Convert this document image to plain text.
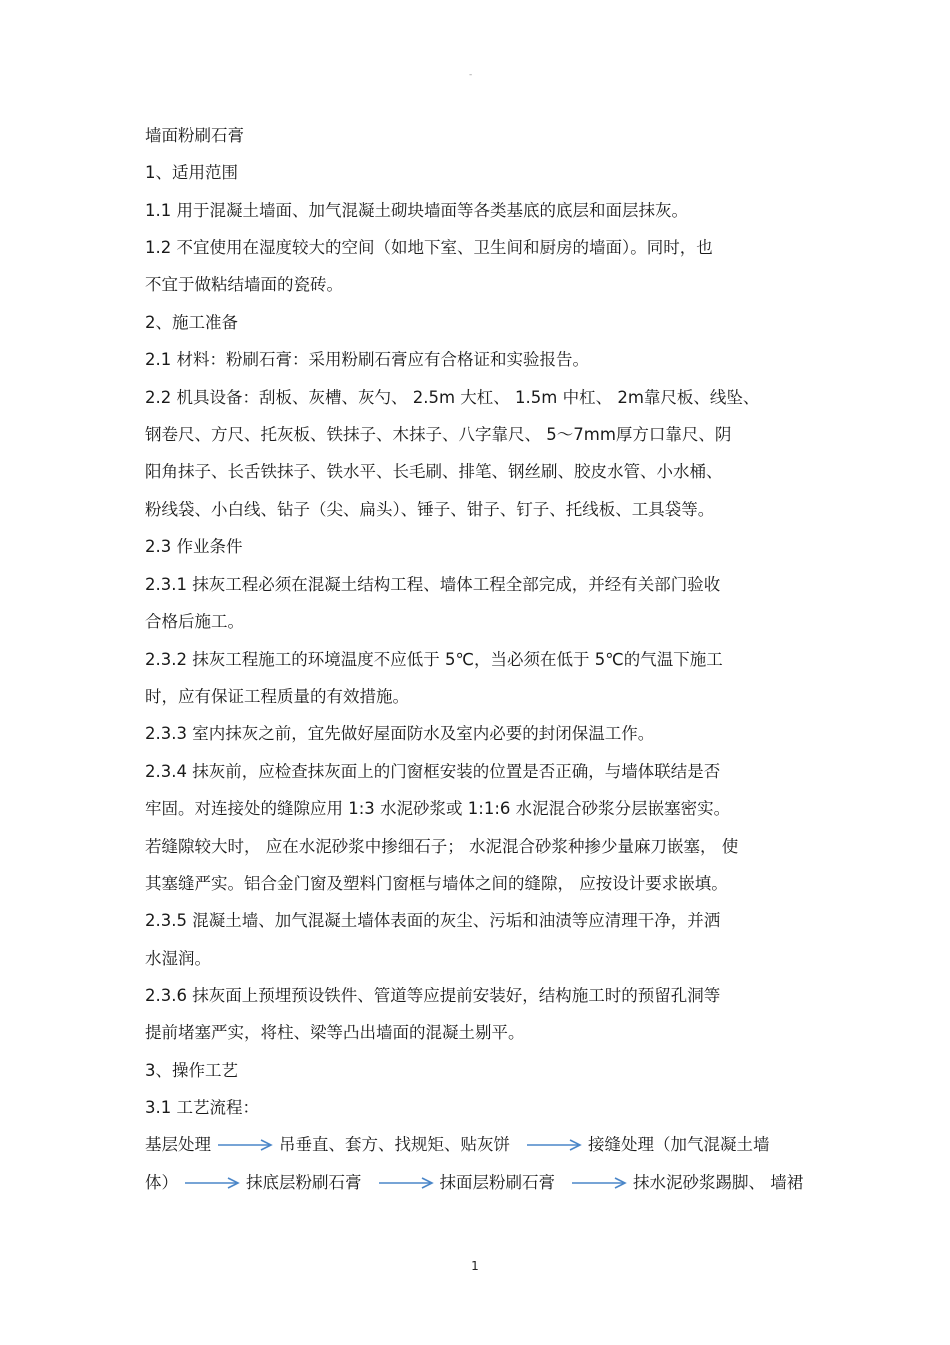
-
墙面粉刷石膏
1、适用范围
1.1 用于混凝土墙面、加气混凝土砌块墙面等各类基底的底层和面层抹灰。
1.2 不宜使用在湿度较大的空间（如地下室、卫生间和厨房的墙面）。同时，也
不宜于做粘结墙面的瓷砖。
2、施工准备
2.1 材料：粉刷石膏：采用粉刷石膏应有合格证和实验报告。
2.2 机具设备：刮板、灰槽、灰勺、 2.5m 大杠、 1.5m 中杠、 2m靠尺板、线坠、
钢卷尺、方尺、托灰板、铁抹子、木抹子、八字靠尺、 5～7mm厚方口靠尺、阴
阳角抹子、长舌铁抹子、铁水平、长毛刷、排笔、钢丝刷、胶皮水管、小水桶、
粉线袋、小白线、钻子（尖、扁头）、锤子、钳子、钉子、托线板、工具袋等。
2.3 作业条件
2.3.1 抹灰工程必须在混凝土结构工程、墙体工程全部完成，并经有关部门验收
合格后施工。
2.3.2 抹灰工程施工的环境温度不应低于 5℃，当必须在低于 5℃的气温下施工
时，应有保证工程质量的有效措施。
2.3.3 室内抹灰之前，宜先做好屋面防水及室内必要的封闭保温工作。
2.3.4 抹灰前，应检查抹灰面上的门窗框安装的位置是否正确，与墙体联结是否
牢固。对连接处的缝隙应用 1:3 水泥砂浆或 1:1:6 水泥混合砂浆分层嵌塞密实。
若缝隙较大时， 应在水泥砂浆中掺细石子； 水泥混合砂浆种掺少量麻刀嵌塞， 使
其塞缝严实。铝合金门窗及塑料门窗框与墙体之间的缝隙， 应按设计要求嵌填。
2.3.5 混凝土墙、加气混凝土墙体表面的灰尘、污垢和油渍等应清理干净，并洒
水湿润。
2.3.6 抹灰面上预埋预设铁件、管道等应提前安装好，结构施工时的预留孔洞等
提前堵塞严实，将柱、梁等凸出墙面的混凝土剔平。
3、操作工艺
3.1 工艺流程：
基层处理	吊垂直、套方、找规矩、贴灰饼	接缝处理（加气混凝土墙
体）	抹底层粉刷石膏	抹面层粉刷石膏	抹水泥砂浆踢脚、 墙裙
1
